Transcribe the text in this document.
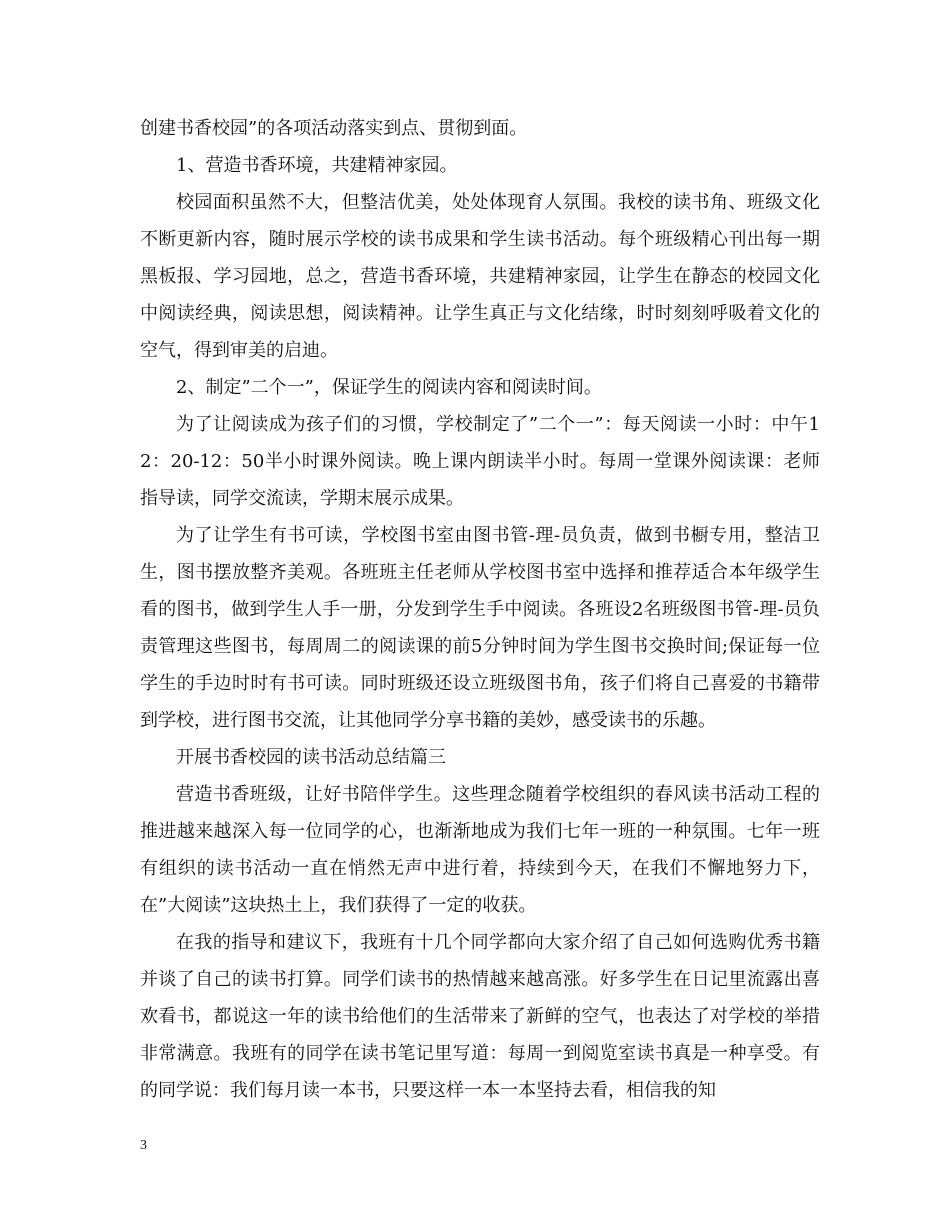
创建书香校园”的各项活动落实到点、贯彻到面。

1、营造书香环境，共建精神家园。

校园面积虽然不大，但整洁优美，处处体现育人氛围。我校的读书角、班级文化不断更新内容，随时展示学校的读书成果和学生读书活动。每个班级精心刊出每一期黑板报、学习园地，总之，营造书香环境，共建精神家园，让学生在静态的校园文化中阅读经典，阅读思想，阅读精神。让学生真正与文化结缘，时时刻刻呼吸着文化的空气，得到审美的启迪。

2、制定”二个一”，保证学生的阅读内容和阅读时间。

为了让阅读成为孩子们的习惯，学校制定了”二个一”：每天阅读一小时：中午12：20-12：50半小时课外阅读。晚上课内朗读半小时。每周一堂课外阅读课：老师指导读，同学交流读，学期末展示成果。

为了让学生有书可读，学校图书室由图书管-理-员负责，做到书橱专用，整洁卫生，图书摆放整齐美观。各班班主任老师从学校图书室中选择和推荐适合本年级学生看的图书，做到学生人手一册，分发到学生手中阅读。各班设2名班级图书管-理-员负责管理这些图书，每周周二的阅读课的前5分钟时间为学生图书交换时间;保证每一位学生的手边时时有书可读。同时班级还设立班级图书角，孩子们将自己喜爱的书籍带到学校，进行图书交流，让其他同学分享书籍的美妙，感受读书的乐趣。

开展书香校园的读书活动总结篇三

营造书香班级，让好书陪伴学生。这些理念随着学校组织的春风读书活动工程的推进越来越深入每一位同学的心，也渐渐地成为我们七年一班的一种氛围。七年一班有组织的读书活动一直在悄然无声中进行着，持续到今天，在我们不懈地努力下，在”大阅读”这块热土上，我们获得了一定的收获。

在我的指导和建议下，我班有十几个同学都向大家介绍了自己如何选购优秀书籍并谈了自己的读书打算。同学们读书的热情越来越高涨。好多学生在日记里流露出喜欢看书，都说这一年的读书给他们的生活带来了新鲜的空气，也表达了对学校的举措非常满意。我班有的同学在读书笔记里写道：每周一到阅览室读书真是一种享受。有的同学说：我们每月读一本书，只要这样一本一本坚持去看，相信我的知

3
